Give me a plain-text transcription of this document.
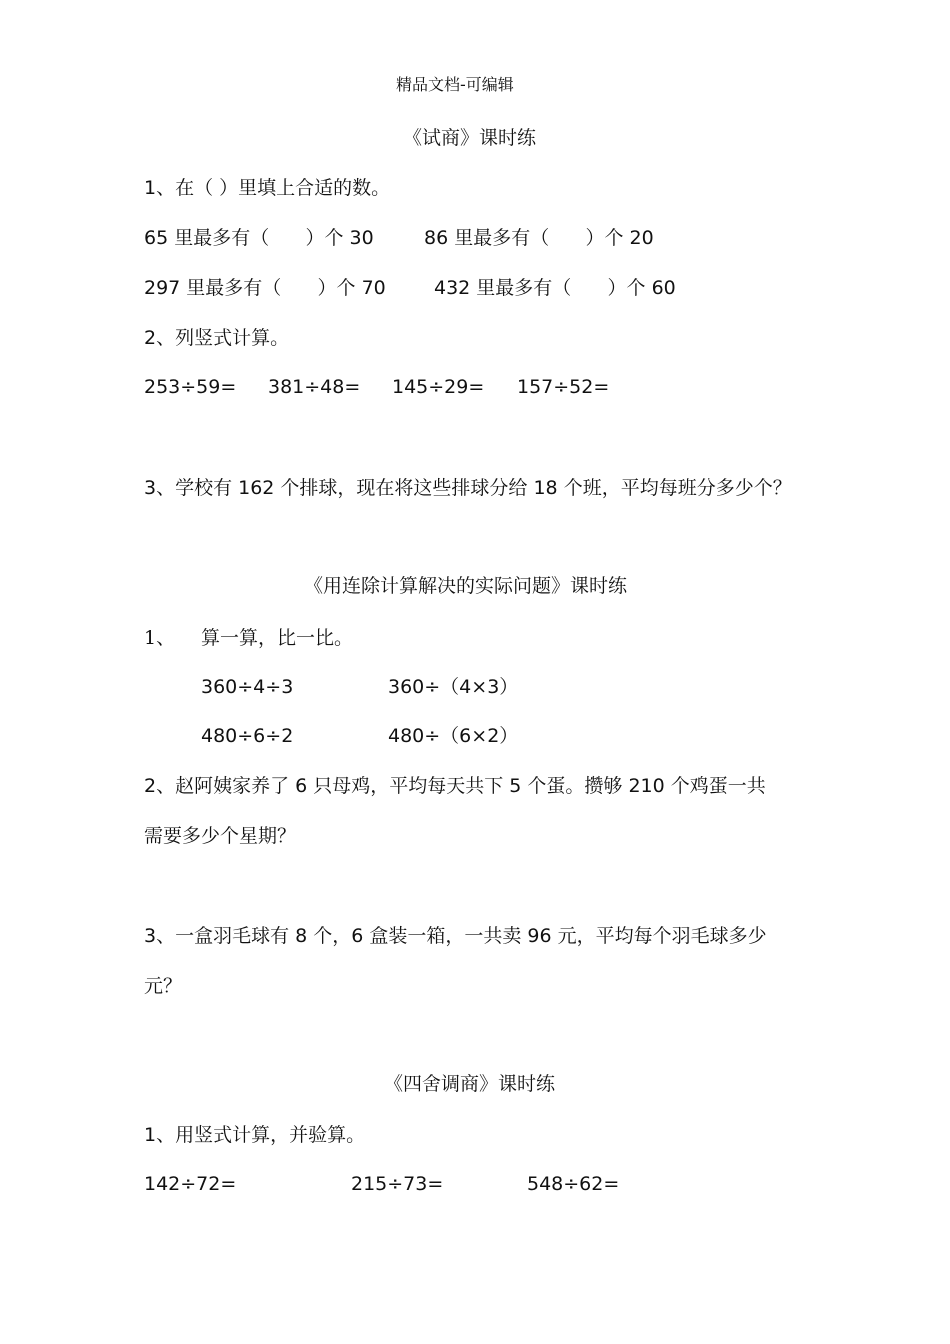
精品文档-可编辑
《试商》课时练
1、在（ ）里填上合适的数。
65 里最多有（      ）个 30	86 里最多有（      ）个 20
297 里最多有（      ）个 70	432 里最多有（      ）个 60
2、列竖式计算。
253÷59= 381÷48= 145÷29= 157÷52=
3、学校有 162 个排球，现在将这些排球分给 18 个班，平均每班分多少个？
《用连除计算解决的实际问题》课时练
1、 算一算，比一比。
360÷4÷3	360÷（4×3）
480÷6÷2	480÷（6×2）
2、赵阿姨家养了 6 只母鸡，平均每天共下 5 个蛋。攒够 210 个鸡蛋一共
需要多少个星期？
3、一盒羽毛球有 8 个，6 盒装一箱，一共卖 96 元，平均每个羽毛球多少
元？
《四舍调商》课时练
1、用竖式计算，并验算。
142÷72=	215÷73=	548÷62=
